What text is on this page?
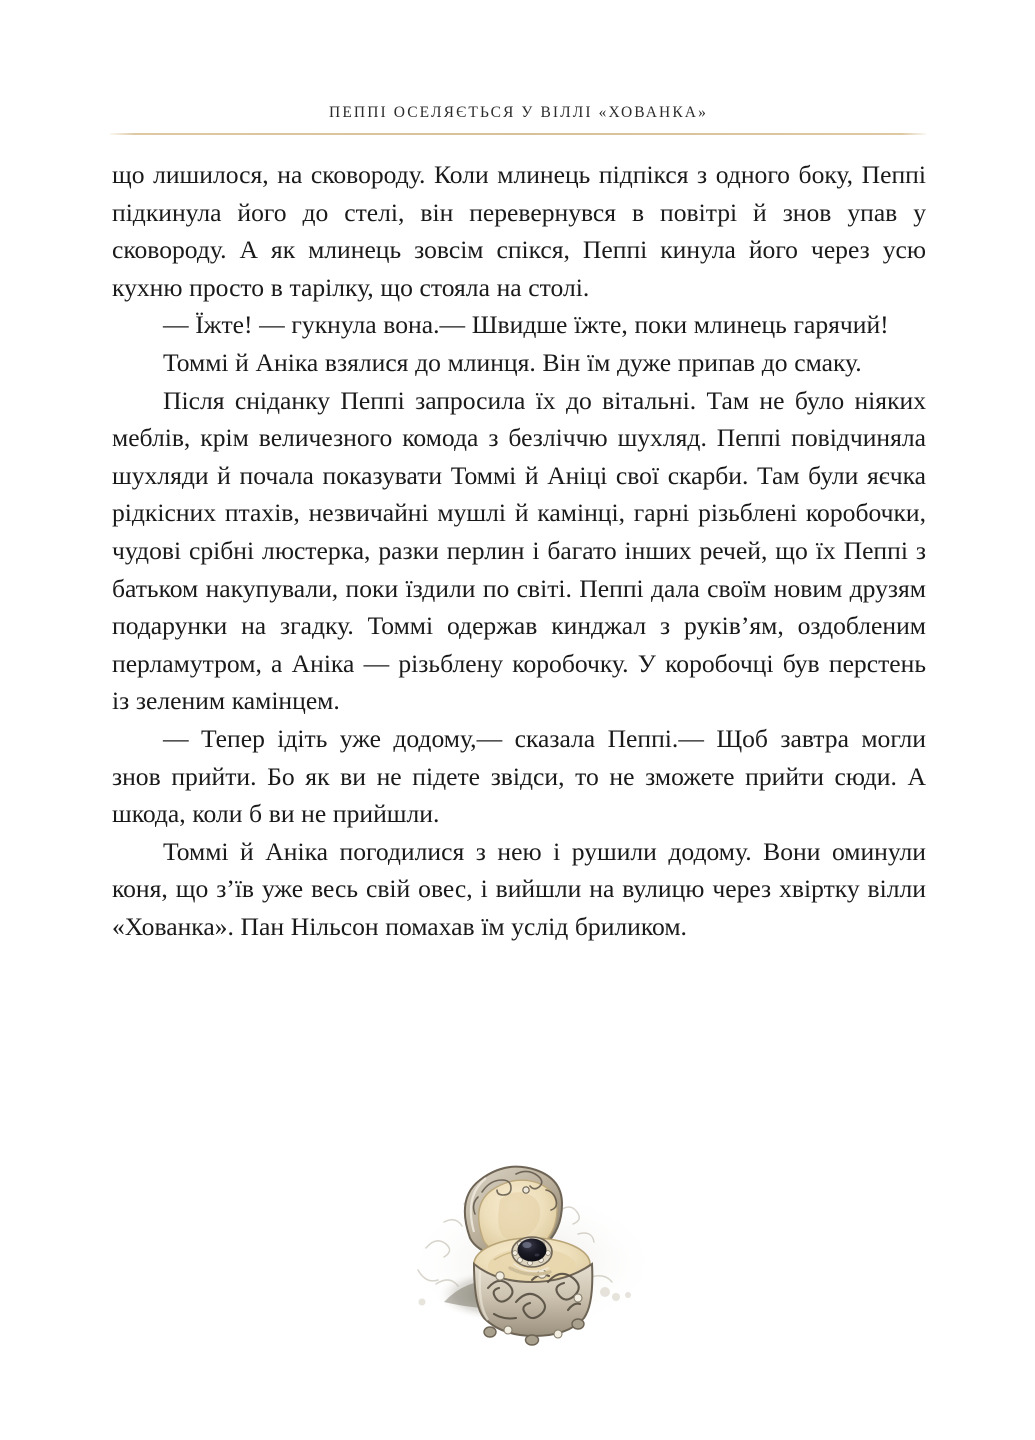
ПЕППІ ОСЕЛЯЄТЬСЯ У ВІЛЛІ «ХОВАНКА»

що лишилося, на сковороду. Коли млинець підпікся з одного боку, Пеппі підкинула його до стелі, він перевернувся в повітрі й знов упав у сковороду. А як млинець зовсім спікся, Пеппі кинула його через усю кухню просто в тарілку, що стояла на столі.

— Їжте! — гукнула вона.— Швидше їжте, поки млинець гарячий!

Томмі й Аніка взялися до млинця. Він їм дуже припав до смаку.

Після сніданку Пеппі запросила їх до вітальні. Там не було ніяких меблів, крім величезного комода з безліччю шухляд. Пеппі повідчиняла шухляди й почала показувати Томмі й Аніці свої скарби. Там були яєчка рідкісних птахів, незвичайні мушлі й камінці, гарні різьблені коробочки, чудові срібні люстерка, разки перлин і багато інших речей, що їх Пеппі з батьком накупували, поки їздили по світі. Пеппі дала своїм новим друзям подарунки на згадку. Томмі одержав кинджал з руків’ям, оздобленим перламутром, а Аніка — різьблену коробочку. У коробочці був перстень із зеленим камінцем.

— Тепер ідіть уже додому,— сказала Пеппі.— Щоб завтра могли знов прийти. Бо як ви не підете звідси, то не зможете прийти сюди. А шкода, коли б ви не прийшли.

Томмі й Аніка погодилися з нею і рушили додому. Вони оминули коня, що з’їв уже весь свій овес, і вийшли на вулицю через хвіртку вілли «Хованка». Пан Нільсон помахав їм услід бриликом.
